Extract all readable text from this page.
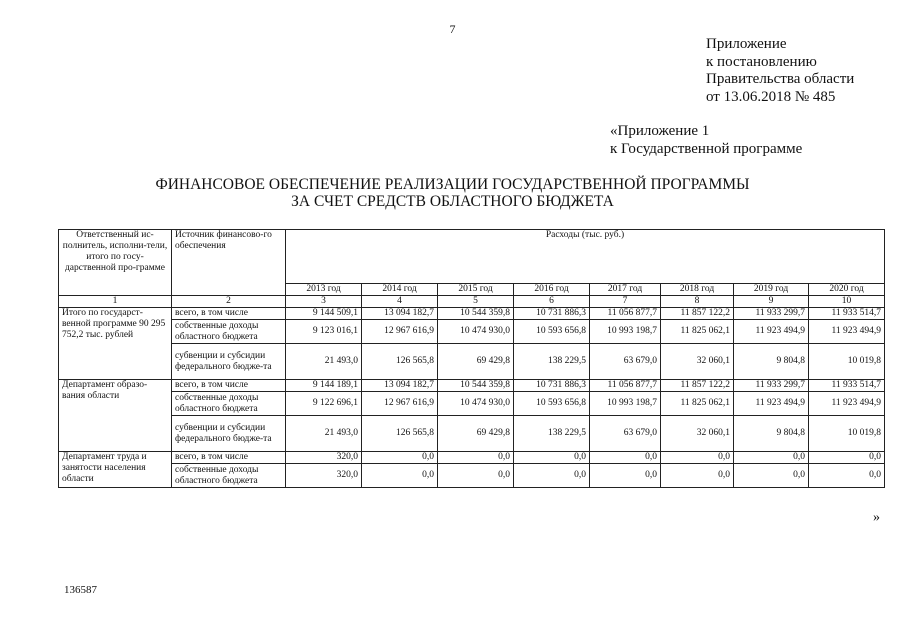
7
Приложение
к постановлению
Правительства области
от 13.06.2018 № 485
«Приложение 1
к Государственной программе
ФИНАНСОВОЕ ОБЕСПЕЧЕНИЕ РЕАЛИЗАЦИИ ГОСУДАРСТВЕННОЙ ПРОГРАММЫ
ЗА СЧЕТ СРЕДСТВ ОБЛАСТНОГО БЮДЖЕТА
Ответственный ис-полнитель, исполни-тели, итого по госу-дарственной про-грамме	Источник финансово-го обеспечения	Расходы (тыс. руб.)							
		2013 год	2014 год	2015 год	2016 год	2017 год	2018 год	2019 год	2020 год
1	2	3	4	5	6	7	8	9	10
Итого по государст-венной программе 90 295 752,2 тыс. рублей	всего, в том числе	9 144 509,1	13 094 182,7	10 544 359,8	10 731 886,3	11 056 877,7	11 857 122,2	11 933 299,7	11 933 514,7
	собственные доходы областного бюджета	9 123 016,1	12 967 616,9	10 474 930,0	10 593 656,8	10 993 198,7	11 825 062,1	11 923 494,9	11 923 494,9
	субвенции и субсидии федерального бюдже-та	21 493,0	126 565,8	69 429,8	138 229,5	63 679,0	32 060,1	9 804,8	10 019,8
Департамент образо-вания области	всего, в том числе	9 144 189,1	13 094 182,7	10 544 359,8	10 731 886,3	11 056 877,7	11 857 122,2	11 933 299,7	11 933 514,7
	собственные доходы областного бюджета	9 122 696,1	12 967 616,9	10 474 930,0	10 593 656,8	10 993 198,7	11 825 062,1	11 923 494,9	11 923 494,9
	субвенции и субсидии федерального бюдже-та	21 493,0	126 565,8	69 429,8	138 229,5	63 679,0	32 060,1	9 804,8	10 019,8
Департамент труда и занятости населения области	всего, в том числе	320,0	0,0	0,0	0,0	0,0	0,0	0,0	0,0
	собственные доходы областного бюджета	320,0	0,0	0,0	0,0	0,0	0,0	0,0	0,0
»
136587
